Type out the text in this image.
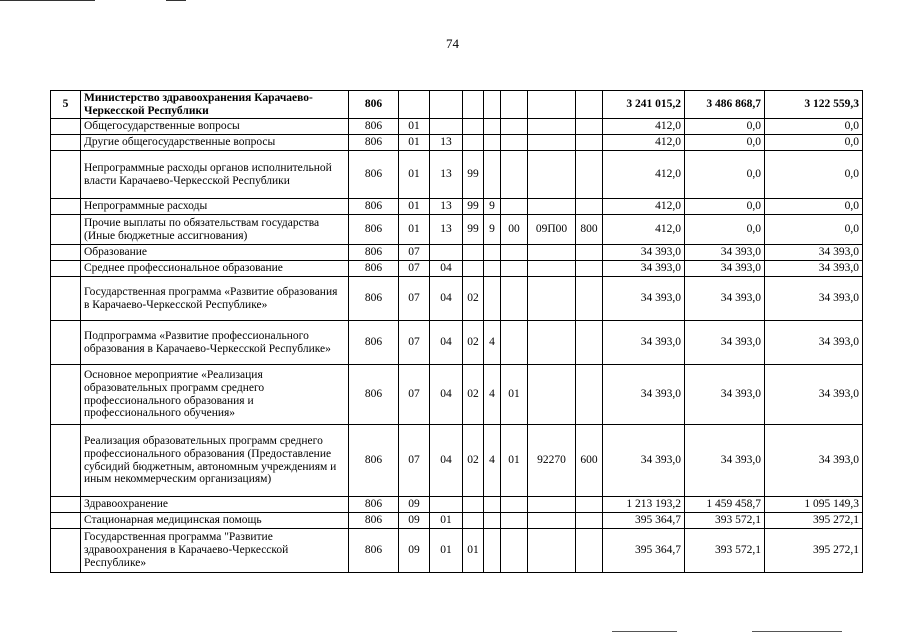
74
5	Министерство здравоохранения Карачаево-Черкесской Республики	806								3 241 015,2	3 486 868,7	3 122 559,3
	Общегосударственные вопросы	806	01							412,0	0,0	0,0
	Другие общегосударственные вопросы	806	01	13						412,0	0,0	0,0
	Непрограммные расходы органов исполнительной власти Карачаево-Черкесской Республики	806	01	13	99					412,0	0,0	0,0
	Непрограммные расходы	806	01	13	99	9				412,0	0,0	0,0
	Прочие выплаты по обязательствам государства (Иные бюджетные ассигнования)	806	01	13	99	9	00	09П00	800	412,0	0,0	0,0
	Образование	806	07							34 393,0	34 393,0	34 393,0
	Среднее профессиональное образование	806	07	04						34 393,0	34 393,0	34 393,0
	Государственная программа «Развитие образования в Карачаево-Черкесской Республике»	806	07	04	02					34 393,0	34 393,0	34 393,0
	Подпрограмма «Развитие профессионального образования в Карачаево-Черкесской Республике»	806	07	04	02	4				34 393,0	34 393,0	34 393,0
	Основное мероприятие «Реализация образовательных программ среднего профессионального образования и профессионального обучения»	806	07	04	02	4	01			34 393,0	34 393,0	34 393,0
	Реализация образовательных программ среднего профессионального образования (Предоставление субсидий бюджетным, автономным учреждениям и иным некоммерческим организациям)	806	07	04	02	4	01	92270	600	34 393,0	34 393,0	34 393,0
	Здравоохранение	806	09							1 213 193,2	1 459 458,7	1 095 149,3
	Стационарная медицинская помощь	806	09	01						395 364,7	393 572,1	395 272,1
	Государственная программа "Развитие здравоохранения в Карачаево-Черкесской Республике»	806	09	01	01					395 364,7	393 572,1	395 272,1
